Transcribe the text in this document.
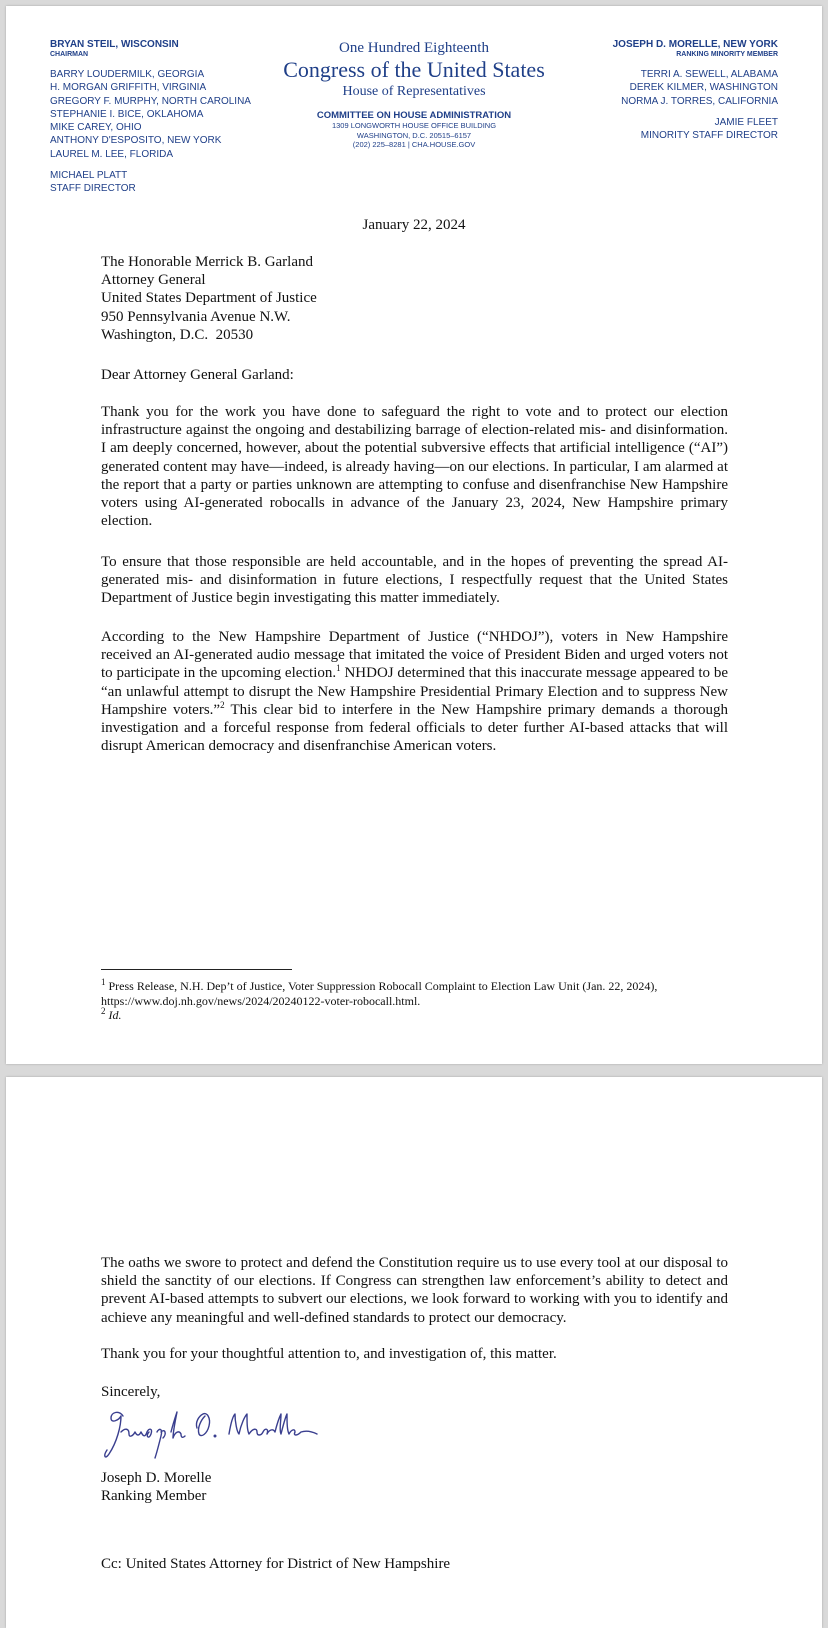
BRYAN STEIL, WISCONSIN
CHAIRMAN
BARRY LOUDERMILK, GEORGIA
H. MORGAN GRIFFITH, VIRGINIA
GREGORY F. MURPHY, NORTH CAROLINA
STEPHANIE I. BICE, OKLAHOMA
MIKE CAREY, OHIO
ANTHONY D'ESPOSITO, NEW YORK
LAUREL M. LEE, FLORIDA
MICHAEL PLATT
STAFF DIRECTOR
One Hundred Eighteenth
Congress of the United States
House of Representatives
COMMITTEE ON HOUSE ADMINISTRATION
1309 LONGWORTH HOUSE OFFICE BUILDING
WASHINGTON, D.C. 20515–6157
(202) 225–8281 | CHA.HOUSE.GOV
JOSEPH D. MORELLE, NEW YORK
RANKING MINORITY MEMBER
TERRI A. SEWELL, ALABAMA
DEREK KILMER, WASHINGTON
NORMA J. TORRES, CALIFORNIA
JAMIE FLEET
MINORITY STAFF DIRECTOR
January 22, 2024
The Honorable Merrick B. Garland
Attorney General
United States Department of Justice
950 Pennsylvania Avenue N.W.
Washington, D.C.  20530
Dear Attorney General Garland:

Thank you for the work you have done to safeguard the right to vote and to protect our election infrastructure against the ongoing and destabilizing barrage of election-related mis- and disinformation. I am deeply concerned, however, about the potential subversive effects that artificial intelligence (“AI”) generated content may have—indeed, is already having—on our elections. In particular, I am alarmed at the report that a party or parties unknown are attempting to confuse and disenfranchise New Hampshire voters using AI-generated robocalls in advance of the January 23, 2024, New Hampshire primary election.

To ensure that those responsible are held accountable, and in the hopes of preventing the spread AI-generated mis- and disinformation in future elections, I respectfully request that the United States Department of Justice begin investigating this matter immediately.

According to the New Hampshire Department of Justice (“NHDOJ”), voters in New Hampshire received an AI-generated audio message that imitated the voice of President Biden and urged voters not to participate in the upcoming election.$^1$ NHDOJ determined that this inaccurate message appeared to be “an unlawful attempt to disrupt the New Hampshire Presidential Primary Election and to suppress New Hampshire voters.”$^2$ This clear bid to interfere in the New Hampshire primary demands a thorough investigation and a forceful response from federal officials to deter further AI-based attacks that will disrupt American democracy and disenfranchise American voters.

$^1$ Press Release, N.H. Dep’t of Justice, Voter Suppression Robocall Complaint to Election Law Unit (Jan. 22, 2024), https://www.doj.nh.gov/news/2024/20240122-voter-robocall.html.
$^2$ Id.

The oaths we swore to protect and defend the Constitution require us to use every tool at our disposal to shield the sanctity of our elections. If Congress can strengthen law enforcement’s ability to detect and prevent AI-based attempts to subvert our elections, we look forward to working with you to identify and achieve any meaningful and well-defined standards to protect our democracy.

Thank you for your thoughtful attention to, and investigation of, this matter.

Sincerely,
Joseph D. Morelle
Ranking Member
Cc: United States Attorney for District of New Hampshire
